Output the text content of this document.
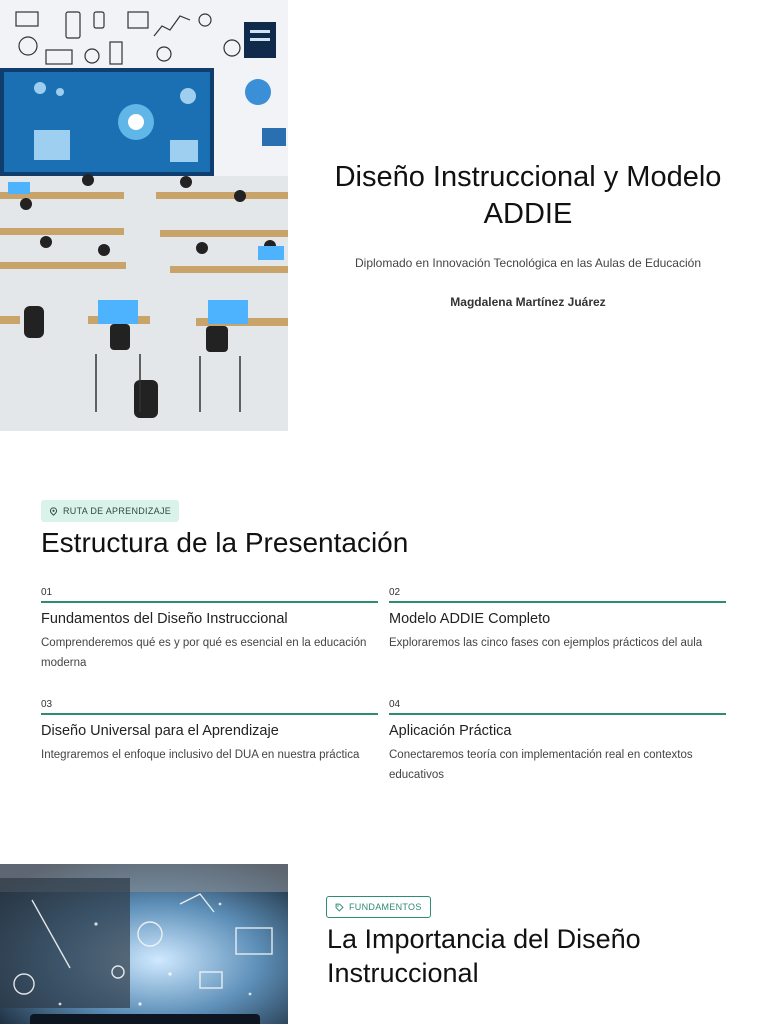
Diseño Instruccional y Modelo ADDIE

Diplomado en Innovación Tecnológica en las Aulas de Educación

Magdalena Martínez Juárez

RUTA DE APRENDIZAJE
Estructura de la Presentación
01
Fundamentos del Diseño Instruccional
Comprenderemos qué es y por qué es esencial en la educación moderna
02
Modelo ADDIE Completo
Exploraremos las cinco fases con ejemplos prácticos del aula
03
Diseño Universal para el Aprendizaje
Integraremos el enfoque inclusivo del DUA en nuestra práctica
04
Aplicación Práctica
Conectaremos teoría con implementación real en contextos educativos
FUNDAMENTOS
La Importancia del Diseño Instruccional
